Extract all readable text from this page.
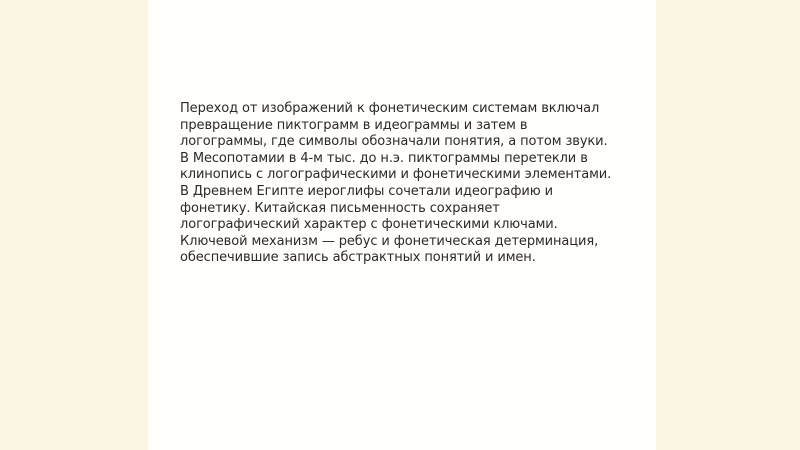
Переход от изображений к фонетическим системам включал
превращение пиктограмм в идеограммы и затем в
логограммы, где символы обозначали понятия, а потом звуки.
В Месопотамии в 4-м тыс. до н.э. пиктограммы перетекли в
клинопись с логографическими и фонетическими элементами.
В Древнем Египте иероглифы сочетали идеографию и
фонетику. Китайская письменность сохраняет
логографический характер с фонетическими ключами.
Ключевой механизм — ребус и фонетическая детерминация,
обеспечившие запись абстрактных понятий и имен.
